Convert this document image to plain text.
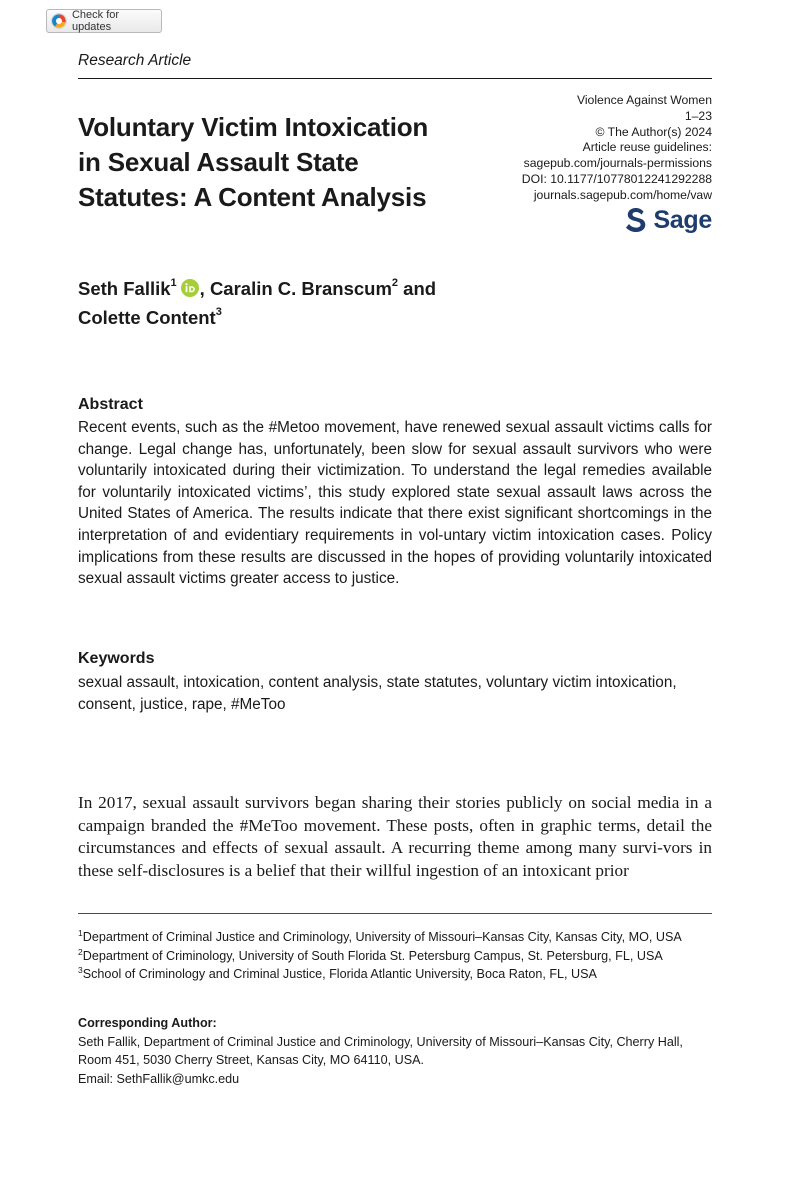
Check for updates
Research Article
Voluntary Victim Intoxication
in Sexual Assault State
Statutes: A Content Analysis
Violence Against Women
1–23
© The Author(s) 2024
Article reuse guidelines:
sagepub.com/journals-permissions
DOI: 10.1177/10778012241292288
journals.sagepub.com/home/vaw
Sage
Seth Fallik$^1$ , Caralin C. Branscum$^2$ and
Colette Content$^3$
Abstract

Recent events, such as the #Metoo movement, have renewed sexual assault victims calls for change. Legal change has, unfortunately, been slow for sexual assault survivors who were voluntarily intoxicated during their victimization. To understand the legal remedies available for voluntarily intoxicated victims’, this study explored state sexual assault laws across the United States of America. The results indicate that there exist significant shortcomings in the interpretation of and evidentiary requirements in vol-untary victim intoxication cases. Policy implications from these results are discussed in the hopes of providing voluntarily intoxicated sexual assault victims greater access to justice.

Keywords

sexual assault, intoxication, content analysis, state statutes, voluntary victim intoxication, consent, justice, rape, #MeToo

In 2017, sexual assault survivors began sharing their stories publicly on social media in a campaign branded the #MeToo movement. These posts, often in graphic terms, detail the circumstances and effects of sexual assault. A recurring theme among many survi-vors in these self-disclosures is a belief that their willful ingestion of an intoxicant prior

$^1$Department of Criminal Justice and Criminology, University of Missouri–Kansas City, Kansas City, MO, USA

$^2$Department of Criminology, University of South Florida St. Petersburg Campus, St. Petersburg, FL, USA

$^3$School of Criminology and Criminal Justice, Florida Atlantic University, Boca Raton, FL, USA

Corresponding Author:

Seth Fallik, Department of Criminal Justice and Criminology, University of Missouri–Kansas City, Cherry Hall, Room 451, 5030 Cherry Street, Kansas City, MO 64110, USA.

Email: SethFallik@umkc.edu
